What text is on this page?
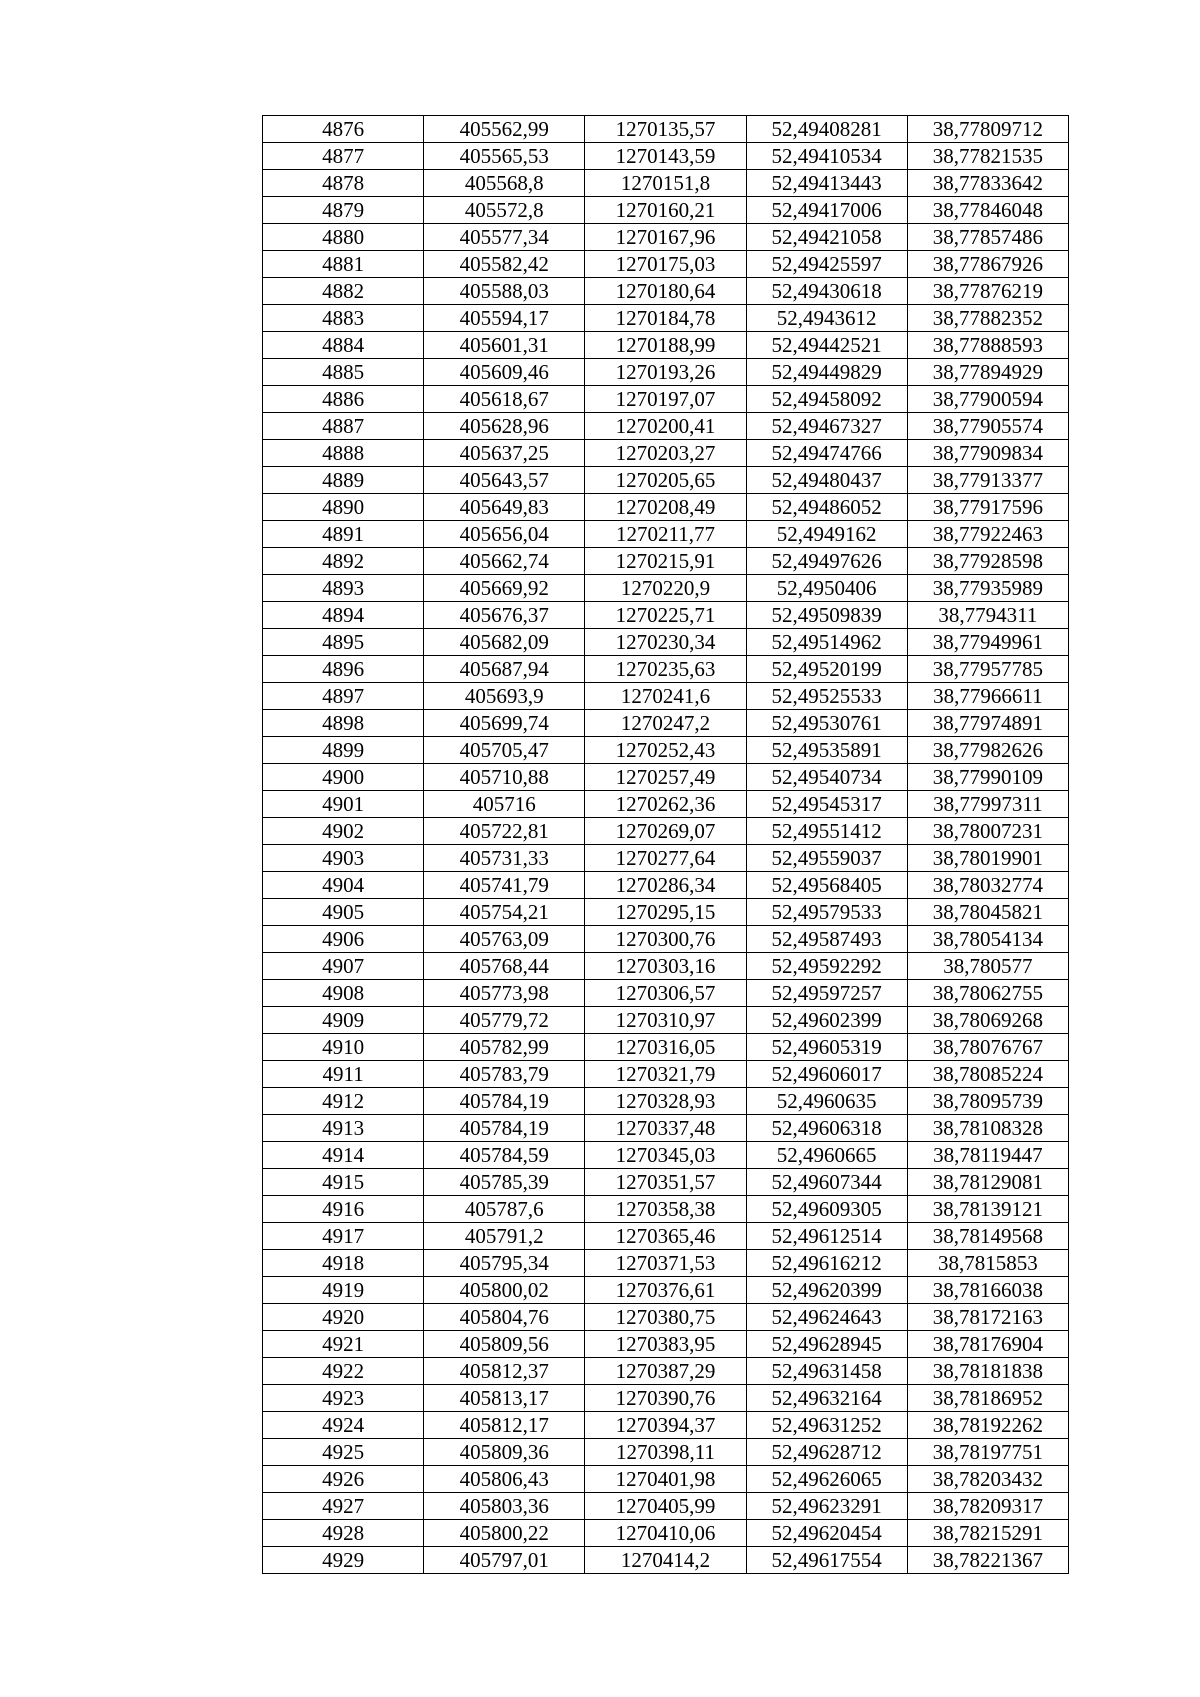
4876	405562,99	1270135,57	52,49408281	38,77809712
4877	405565,53	1270143,59	52,49410534	38,77821535
4878	405568,8	1270151,8	52,49413443	38,77833642
4879	405572,8	1270160,21	52,49417006	38,77846048
4880	405577,34	1270167,96	52,49421058	38,77857486
4881	405582,42	1270175,03	52,49425597	38,77867926
4882	405588,03	1270180,64	52,49430618	38,77876219
4883	405594,17	1270184,78	52,4943612	38,77882352
4884	405601,31	1270188,99	52,49442521	38,77888593
4885	405609,46	1270193,26	52,49449829	38,77894929
4886	405618,67	1270197,07	52,49458092	38,77900594
4887	405628,96	1270200,41	52,49467327	38,77905574
4888	405637,25	1270203,27	52,49474766	38,77909834
4889	405643,57	1270205,65	52,49480437	38,77913377
4890	405649,83	1270208,49	52,49486052	38,77917596
4891	405656,04	1270211,77	52,4949162	38,77922463
4892	405662,74	1270215,91	52,49497626	38,77928598
4893	405669,92	1270220,9	52,4950406	38,77935989
4894	405676,37	1270225,71	52,49509839	38,7794311
4895	405682,09	1270230,34	52,49514962	38,77949961
4896	405687,94	1270235,63	52,49520199	38,77957785
4897	405693,9	1270241,6	52,49525533	38,77966611
4898	405699,74	1270247,2	52,49530761	38,77974891
4899	405705,47	1270252,43	52,49535891	38,77982626
4900	405710,88	1270257,49	52,49540734	38,77990109
4901	405716	1270262,36	52,49545317	38,77997311
4902	405722,81	1270269,07	52,49551412	38,78007231
4903	405731,33	1270277,64	52,49559037	38,78019901
4904	405741,79	1270286,34	52,49568405	38,78032774
4905	405754,21	1270295,15	52,49579533	38,78045821
4906	405763,09	1270300,76	52,49587493	38,78054134
4907	405768,44	1270303,16	52,49592292	38,780577
4908	405773,98	1270306,57	52,49597257	38,78062755
4909	405779,72	1270310,97	52,49602399	38,78069268
4910	405782,99	1270316,05	52,49605319	38,78076767
4911	405783,79	1270321,79	52,49606017	38,78085224
4912	405784,19	1270328,93	52,4960635	38,78095739
4913	405784,19	1270337,48	52,49606318	38,78108328
4914	405784,59	1270345,03	52,4960665	38,78119447
4915	405785,39	1270351,57	52,49607344	38,78129081
4916	405787,6	1270358,38	52,49609305	38,78139121
4917	405791,2	1270365,46	52,49612514	38,78149568
4918	405795,34	1270371,53	52,49616212	38,7815853
4919	405800,02	1270376,61	52,49620399	38,78166038
4920	405804,76	1270380,75	52,49624643	38,78172163
4921	405809,56	1270383,95	52,49628945	38,78176904
4922	405812,37	1270387,29	52,49631458	38,78181838
4923	405813,17	1270390,76	52,49632164	38,78186952
4924	405812,17	1270394,37	52,49631252	38,78192262
4925	405809,36	1270398,11	52,49628712	38,78197751
4926	405806,43	1270401,98	52,49626065	38,78203432
4927	405803,36	1270405,99	52,49623291	38,78209317
4928	405800,22	1270410,06	52,49620454	38,78215291
4929	405797,01	1270414,2	52,49617554	38,78221367
